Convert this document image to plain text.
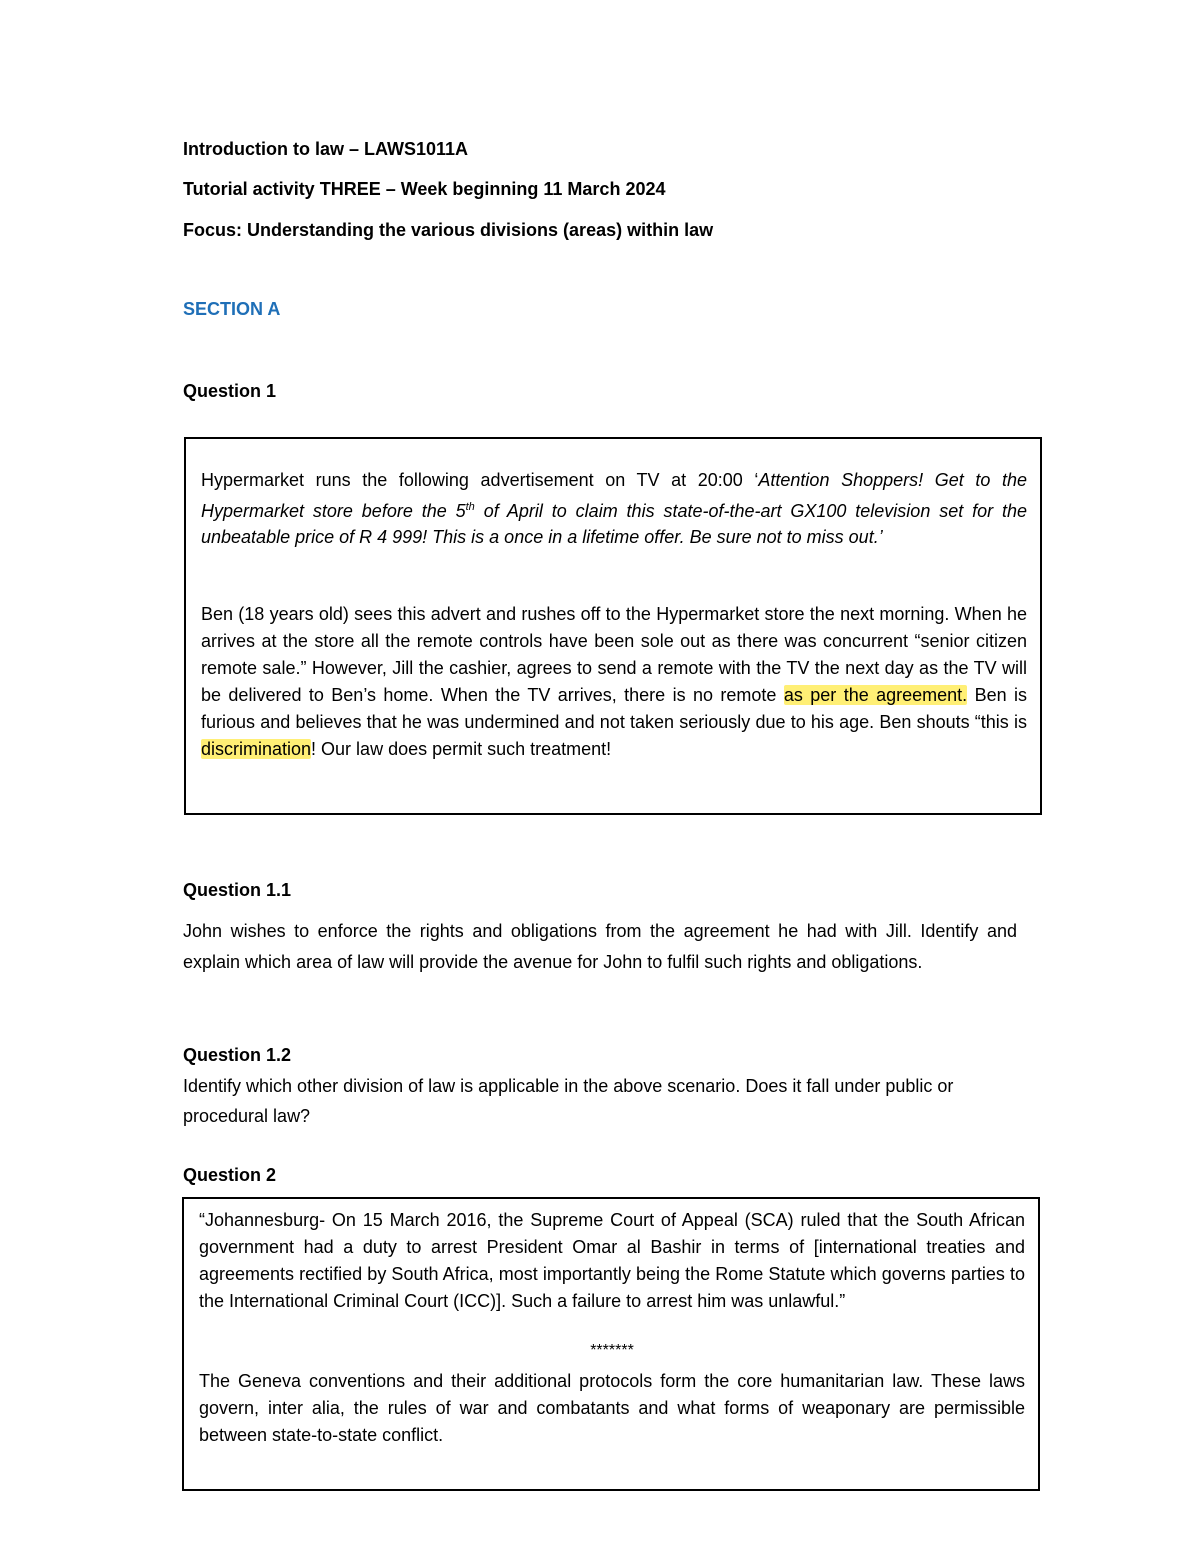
Introduction to law – LAWS1011A
Tutorial activity THREE – Week beginning 11 March 2024
Focus: Understanding the various divisions (areas) within law
SECTION A
Question 1
Hypermarket runs the following advertisement on TV at 20:00 ‘Attention Shoppers! Get to the Hypermarket store before the 5th of April to claim this state-of-the-art GX100 television set for the unbeatable price of R 4 999! This is a once in a lifetime offer. Be sure not to miss out.’
Ben (18 years old) sees this advert and rushes off to the Hypermarket store the next morning. When he arrives at the store all the remote controls have been sole out as there was concurrent “senior citizen remote sale.” However, Jill the cashier, agrees to send a remote with the TV the next day as the TV will be delivered to Ben’s home. When the TV arrives, there is no remote as per the agreement. Ben is furious and believes that he was undermined and not taken seriously due to his age. Ben shouts “this is discrimination! Our law does permit such treatment!
Question 1.1
John wishes to enforce the rights and obligations from the agreement he had with Jill. Identify and explain which area of law will provide the avenue for John to fulfil such rights and obligations.
Question 1.2
Identify which other division of law is applicable in the above scenario. Does it fall under public or procedural law?
Question 2
“Johannesburg- On 15 March 2016, the Supreme Court of Appeal (SCA) ruled that the South African government had a duty to arrest President Omar al Bashir in terms of [international treaties and agreements rectified by South Africa, most importantly being the Rome Statute which governs parties to the International Criminal Court (ICC)]. Such a failure to arrest him was unlawful.”
*******
The Geneva conventions and their additional protocols form the core humanitarian law. These laws govern, inter alia, the rules of war and combatants and what forms of weaponary are permissible between state-to-state conflict.
